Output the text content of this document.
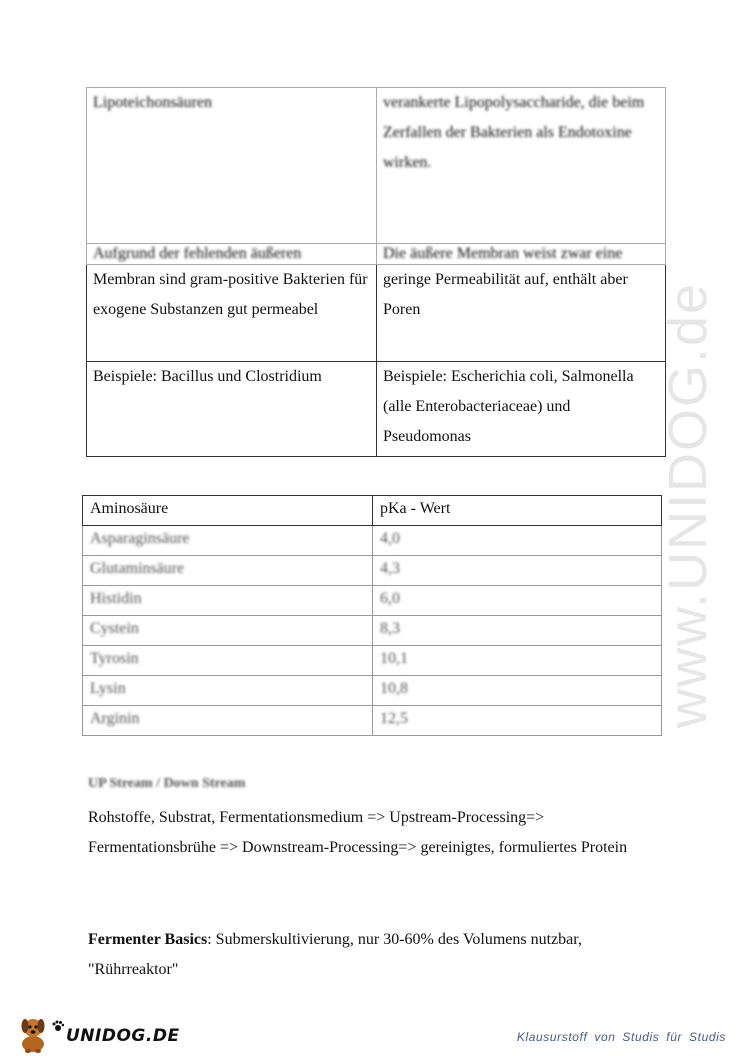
Lipoteichonsäuren	verankerte Lipopolysaccharide, die beim Zerfallen der Bakterien als Endotoxine wirken.
Aufgrund der fehlenden äußeren	Die äußere Membran weist zwar eine
Membran sind gram-positive Bakterien für exogene Substanzen gut permeabel	geringe Permeabilität auf, enthält aber Poren
Beispiele: Bacillus und Clostridium	Beispiele: Escherichia coli, Salmonella (alle Enterobacteriaceae) und Pseudomonas
Aminosäure	pKa - Wert
Asparaginsäure	4,0
Glutaminsäure	4,3
Histidin	6,0
Cystein	8,3
Tyrosin	10,1
Lysin	10,8
Arginin	12,5
UP Stream / Down Stream
Rohstoffe, Substrat, Fermentationsmedium => Upstream-Processing=> Fermentationsbrühe => Downstream-Processing=> gereinigtes, formuliertes Protein
Fermenter Basics: Submerskultivierung, nur 30-60% des Volumens nutzbar, "Rührreaktor"
www.UNIDOG.de
UNIDOG.DE	Klausurstoff von Studis für Studis
